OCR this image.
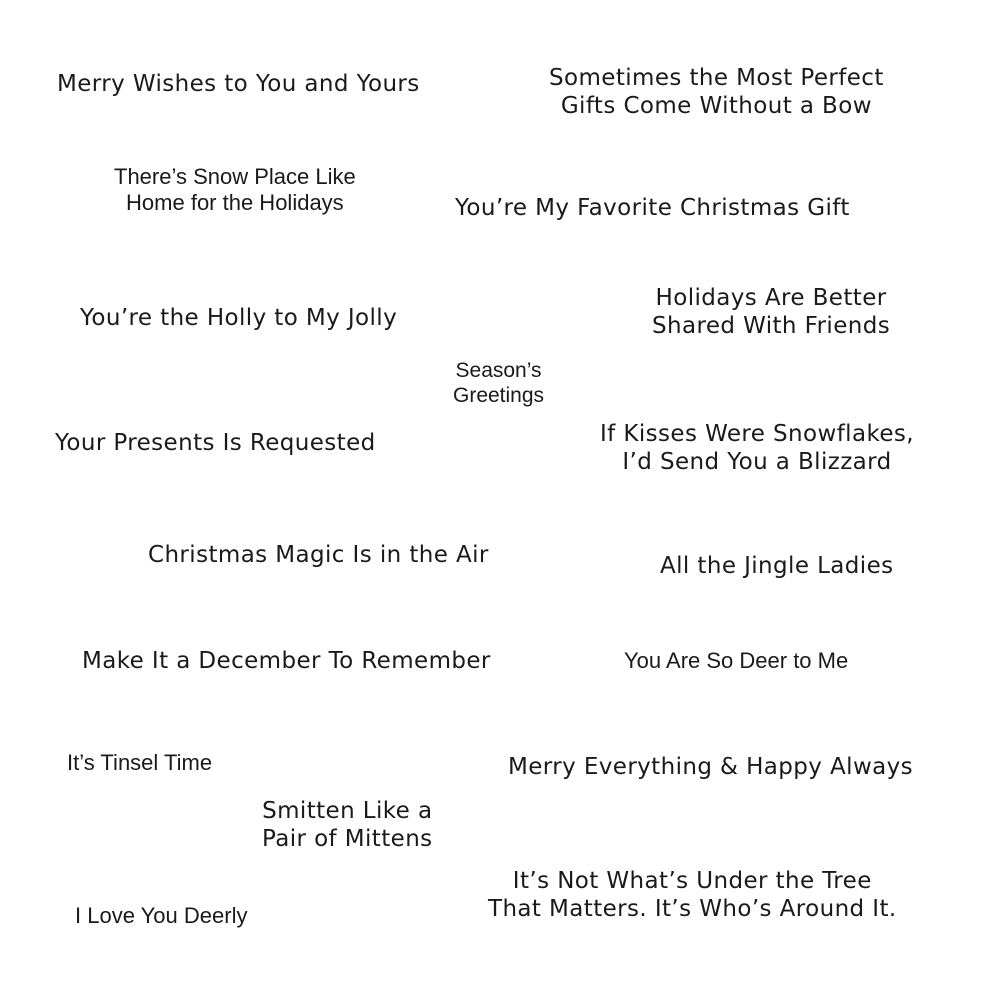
Merry Wishes to You and Yours	Sometimes the Most Perfect
Gifts Come Without a Bow
There’s Snow Place Like
Home for the Holidays	You’re My Favorite Christmas Gift
You’re the Holly to My Jolly
Holidays Are Better
Shared With Friends
Season’s
Greetings
Your Presents Is Requested	If Kisses Were Snowflakes,
I’d Send You a Blizzard
Christmas Magic Is in the Air	All the Jingle Ladies
Make It a December To Remember	You Are So Deer to Me
It’s Tinsel Time	Merry Everything & Happy Always
Smitten Like a
Pair of Mittens
It’s Not What’s Under the Tree
That Matters. It’s Who’s Around It.
I Love You Deerly
